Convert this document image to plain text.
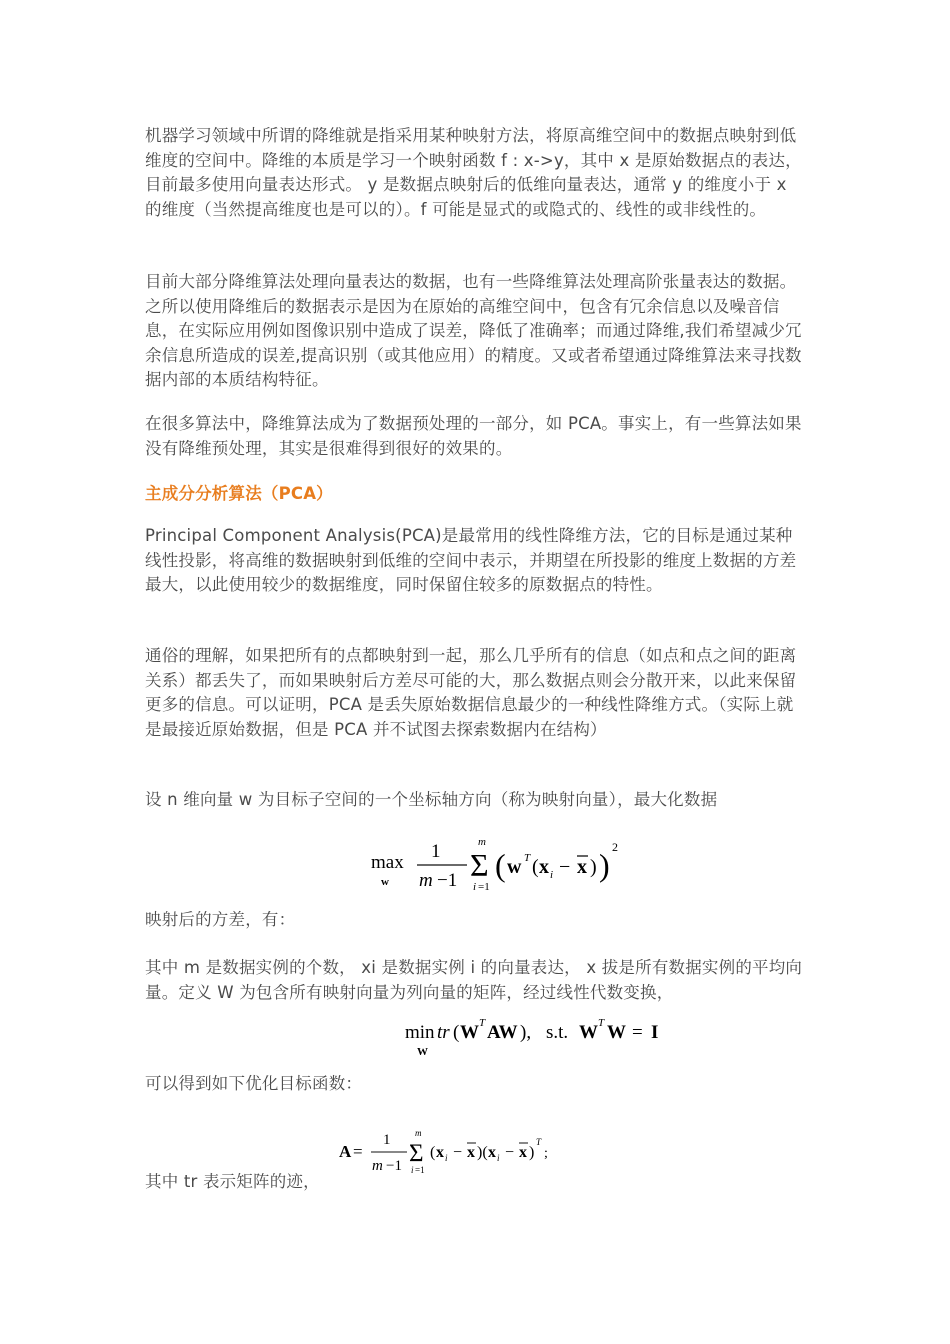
机器学习领域中所谓的降维就是指采用某种映射方法，将原高维空间中的数据点映射到低维度的空间中。降维的本质是学习一个映射函数 f : x->y，其中 x 是原始数据点的表达，目前最多使用向量表达形式。 y 是数据点映射后的低维向量表达，通常 y 的维度小于 x 的维度（当然提高维度也是可以的）。f 可能是显式的或隐式的、线性的或非线性的。

目前大部分降维算法处理向量表达的数据，也有一些降维算法处理高阶张量表达的数据。之所以使用降维后的数据表示是因为在原始的高维空间中，包含有冗余信息以及噪音信息，在实际应用例如图像识别中造成了误差，降低了准确率；而通过降维,我们希望减少冗余信息所造成的误差,提高识别（或其他应用）的精度。又或者希望通过降维算法来寻找数据内部的本质结构特征。

在很多算法中，降维算法成为了数据预处理的一部分，如 PCA。事实上，有一些算法如果没有降维预处理，其实是很难得到很好的效果的。

主成分分析算法（PCA）

Principal Component Analysis(PCA)是最常用的线性降维方法，它的目标是通过某种线性投影，将高维的数据映射到低维的空间中表示，并期望在所投影的维度上数据的方差最大，以此使用较少的数据维度，同时保留住较多的原数据点的特性。

通俗的理解，如果把所有的点都映射到一起，那么几乎所有的信息（如点和点之间的距离关系）都丢失了，而如果映射后方差尽可能的大，那么数据点则会分散开来，以此来保留更多的信息。可以证明，PCA 是丢失原始数据信息最少的一种线性降维方式。（实际上就是最接近原始数据，但是 PCA 并不试图去探索数据内在结构）

设 n 维向量 w 为目标子空间的一个坐标轴方向（称为映射向量），最大化数据

max
w
1
m −1
m
Σ
i =1
( w T ( x i − x ) ) 2

映射后的方差，有：

其中 m 是数据实例的个数， xi 是数据实例 i 的向量表达， x 拔是所有数据实例的平均向量。定义 W 为包含所有映射向量为列向量的矩阵，经过线性代数变换，

min
W
tr ( W T AW ), s.t. W T W = I

可以得到如下优化目标函数：

A =
1
m −1
m
Σ
i =1
( x i − x )( x i − x )
T
;

其中 tr 表示矩阵的迹，
